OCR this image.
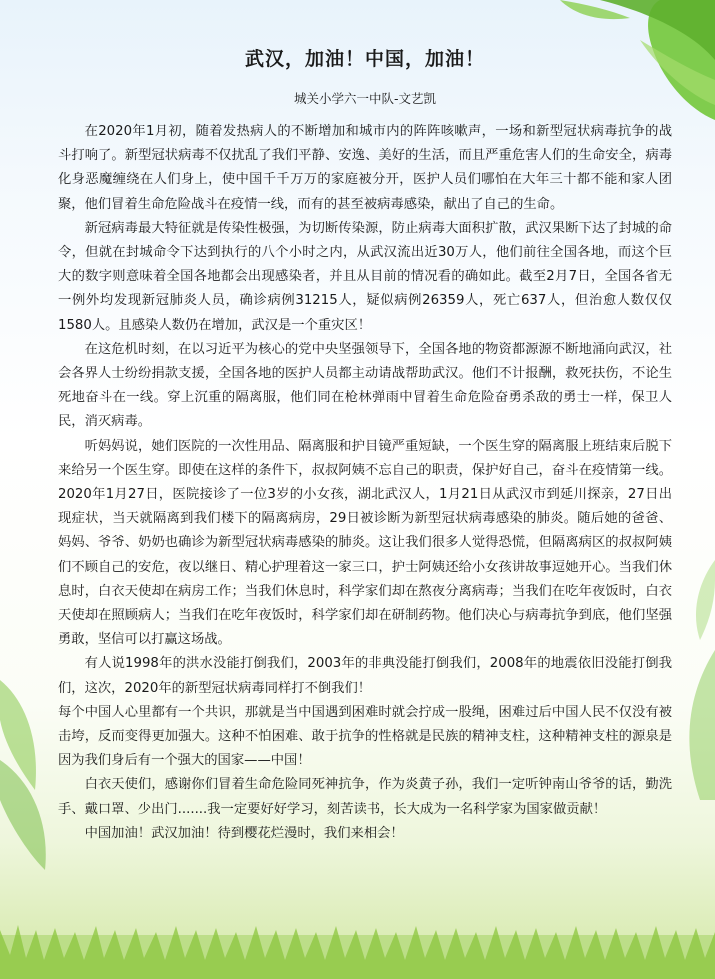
武汉，加油！中国，加油！
城关小学六一中队-文艺凯

在2020年1月初，随着发热病人的不断增加和城市内的阵阵咳嗽声，一场和新型冠状病毒抗争的战斗打响了。新型冠状病毒不仅扰乱了我们平静、安逸、美好的生活，而且严重危害人们的生命安全，病毒化身恶魔缠绕在人们身上，使中国千千万万的家庭被分开，医护人员们哪怕在大年三十都不能和家人团聚，他们冒着生命危险战斗在疫情一线，而有的甚至被病毒感染，献出了自己的生命。

新冠病毒最大特征就是传染性极强，为切断传染源，防止病毒大面积扩散，武汉果断下达了封城的命令，但就在封城命令下达到执行的八个小时之内，从武汉流出近30万人，他们前往全国各地，而这个巨大的数字则意味着全国各地都会出现感染者，并且从目前的情况看的确如此。截至2月7日，全国各省无一例外均发现新冠肺炎人员，确诊病例31215人，疑似病例26359人，死亡637人，但治愈人数仅仅1580人。且感染人数仍在增加，武汉是一个重灾区！

在这危机时刻，在以习近平为核心的党中央坚强领导下，全国各地的物资都源源不断地涌向武汉，社会各界人士纷纷捐款支援，全国各地的医护人员都主动请战帮助武汉。他们不计报酬，救死扶伤，不论生死地奋斗在一线。穿上沉重的隔离服，他们同在枪林弹雨中冒着生命危险奋勇杀敌的勇士一样，保卫人民，消灭病毒。

听妈妈说，她们医院的一次性用品、隔离服和护目镜严重短缺，一个医生穿的隔离服上班结束后脱下来给另一个医生穿。即使在这样的条件下，叔叔阿姨不忘自己的职责，保护好自己，奋斗在疫情第一线。2020年1月27日，医院接诊了一位3岁的小女孩，湖北武汉人，1月21日从武汉市到延川探亲，27日出现症状，当天就隔离到我们楼下的隔离病房，29日被诊断为新型冠状病毒感染的肺炎。随后她的爸爸、妈妈、爷爷、奶奶也确诊为新型冠状病毒感染的肺炎。这让我们很多人觉得恐慌，但隔离病区的叔叔阿姨们不顾自己的安危，夜以继日、精心护理着这一家三口，护士阿姨还给小女孩讲故事逗她开心。当我们休息时，白衣天使却在病房工作；当我们休息时，科学家们却在熬夜分离病毒；当我们在吃年夜饭时，白衣天使却在照顾病人；当我们在吃年夜饭时，科学家们却在研制药物。他们决心与病毒抗争到底，他们坚强勇敢，坚信可以打赢这场战。

有人说1998年的洪水没能打倒我们，2003年的非典没能打倒我们，2008年的地震依旧没能打倒我们，这次，2020年的新型冠状病毒同样打不倒我们！

每个中国人心里都有一个共识，那就是当中国遇到困难时就会拧成一股绳，困难过后中国人民不仅没有被击垮，反而变得更加强大。这种不怕困难、敢于抗争的性格就是民族的精神支柱，这种精神支柱的源泉是因为我们身后有一个强大的国家——中国！

白衣天使们，感谢你们冒着生命危险同死神抗争，作为炎黄子孙，我们一定听钟南山爷爷的话，勤洗手、戴口罩、少出门.......我一定要好好学习，刻苦读书，长大成为一名科学家为国家做贡献！

中国加油！武汉加油！待到樱花烂漫时，我们来相会！
